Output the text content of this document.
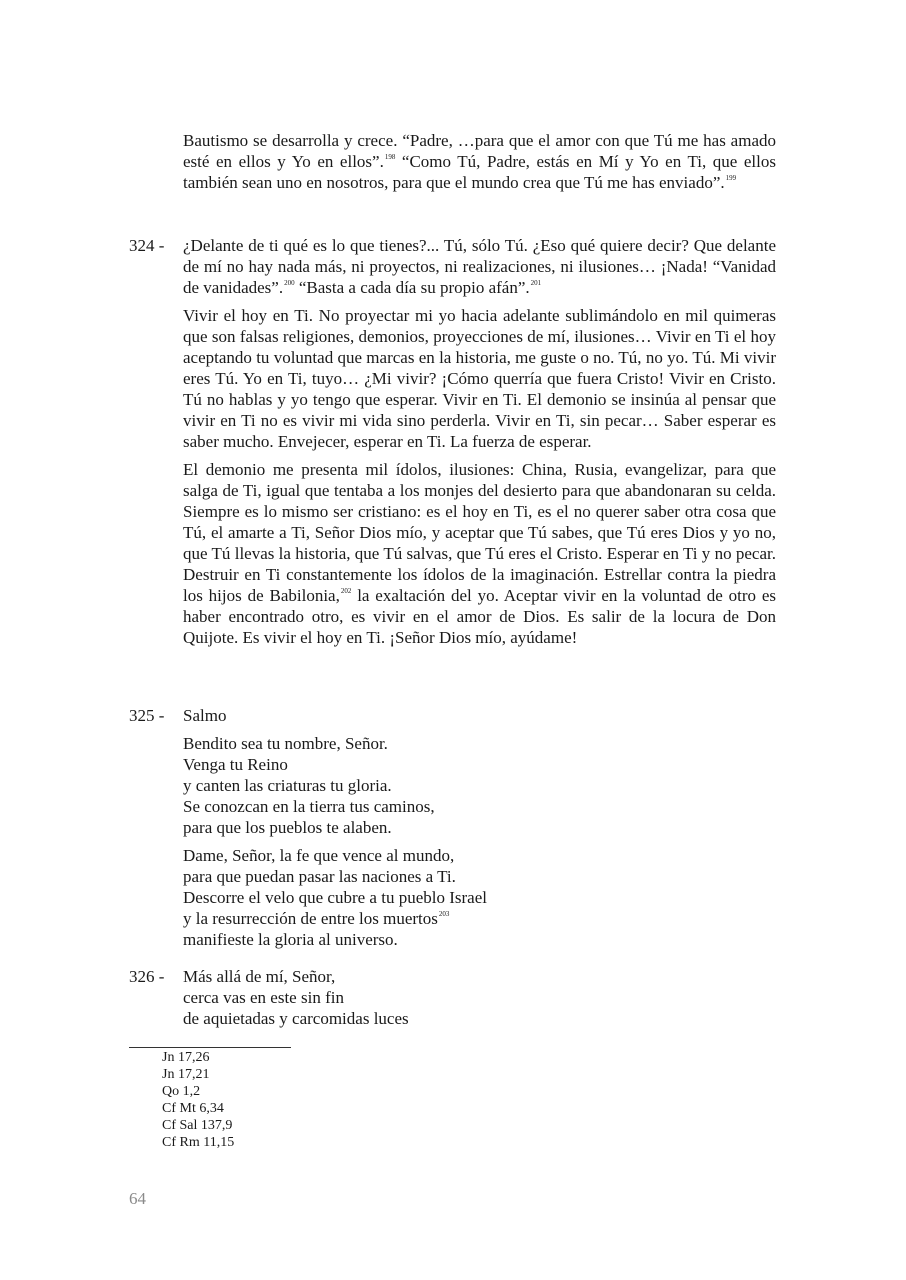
Bautismo se desarrolla y crece. “Padre, …para que el amor con que Tú me has amado esté en ellos y Yo en ellos”.$^{198}$ “Como Tú, Padre, estás en Mí y Yo en Ti, que ellos también sean uno en nosotros, para que el mundo crea que Tú me has enviado”.$^{199}$

324 -	¿Delante de ti qué es lo que tienes?... Tú, sólo Tú. ¿Eso qué quiere decir? Que delante de mí no hay nada más, ni proyectos, ni realizaciones, ni ilusiones… ¡Nada! “Vanidad de vanidades”.$^{200}$ “Basta a cada día su propio afán”.$^{201}$

Vivir el hoy en Ti. No proyectar mi yo hacia adelante sublimándolo en mil quimeras que son falsas religiones, demonios, proyecciones de mí, ilusiones… Vivir en Ti el hoy aceptando tu voluntad que marcas en la historia, me guste o no. Tú, no yo. Tú. Mi vivir eres Tú. Yo en Ti, tuyo… ¿Mi vivir? ¡Cómo querría que fuera Cristo! Vivir en Cristo. Tú no hablas y yo tengo que esperar. Vivir en Ti. El demonio se insinúa al pensar que vivir en Ti no es vivir mi vida sino perderla. Vivir en Ti, sin pecar… Saber esperar es saber mucho. Envejecer, esperar en Ti. La fuerza de esperar.

El demonio me presenta mil ídolos, ilusiones: China, Rusia, evangelizar, para que salga de Ti, igual que tentaba a los monjes del desierto para que abandonaran su celda. Siempre es lo mismo ser cristiano: es el hoy en Ti, es el no querer saber otra cosa que Tú, el amarte a Ti, Señor Dios mío, y aceptar que Tú sabes, que Tú eres Dios y yo no, que Tú llevas la historia, que Tú salvas, que Tú eres el Cristo. Esperar en Ti y no pecar. Destruir en Ti constantemente los ídolos de la imaginación. Estrellar contra la piedra los hijos de Babilonia,$^{202}$ la exaltación del yo. Aceptar vivir en la voluntad de otro es haber encontrado otro, es vivir en el amor de Dios. Es salir de la locura de Don Quijote. Es vivir el hoy en Ti. ¡Señor Dios mío, ayúdame!

325 -	Salmo
Bendito sea tu nombre, Señor.
Venga tu Reino
y canten las criaturas tu gloria.
Se conozcan en la tierra tus caminos,
para que los pueblos te alaben.
Dame, Señor, la fe que vence al mundo,
para que puedan pasar las naciones a Ti.
Descorre el velo que cubre a tu pueblo Israel
y la resurrección de entre los muertos$^{203}$
manifieste la gloria al universo.
326 -	Más allá de mí, Señor,
cerca vas en este sin fin
de aquietadas y carcomidas luces
Jn 17,26
Jn 17,21
Qo 1,2
Cf Mt 6,34
Cf Sal 137,9
Cf Rm 11,15
64
